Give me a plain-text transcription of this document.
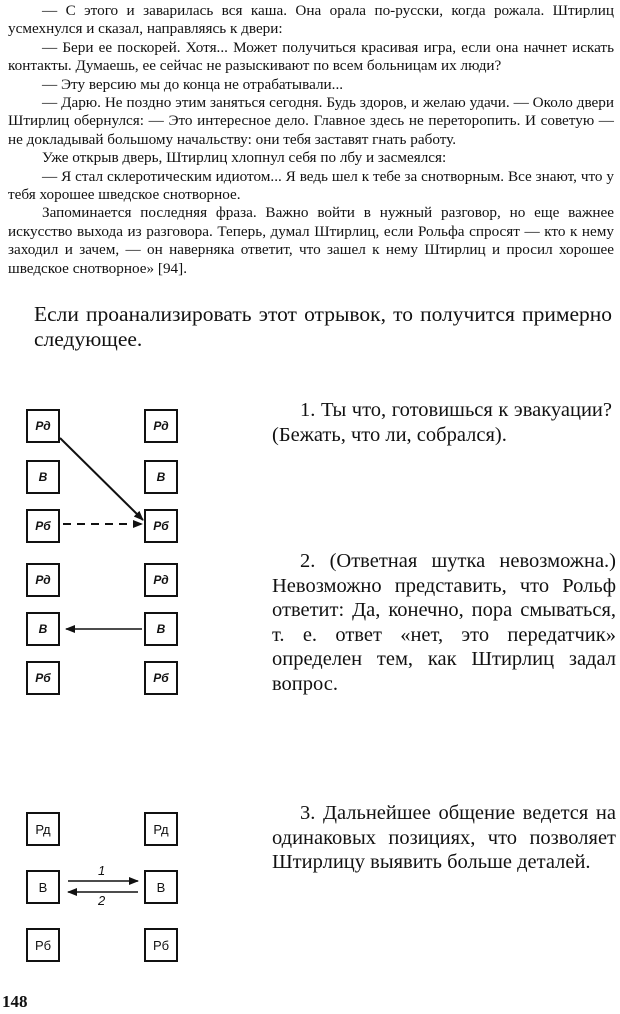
— С этого и заварилась вся каша. Она орала по-русски, когда рожала. Штирлиц усмехнулся и сказал, направляясь к двери:

— Бери ее поскорей. Хотя... Может получиться красивая игра, если она начнет искать контакты. Думаешь, ее сейчас не разыскивают по всем больницам их люди?

— Эту версию мы до конца не отрабатывали...

— Дарю. Не поздно этим заняться сегодня. Будь здоров, и желаю удачи. — Около двери Штирлиц обернулся: — Это интересное дело. Главное здесь не переторопить. И советую — не докладывай большому начальству: они тебя заставят гнать работу.

Уже открыв дверь, Штирлиц хлопнул себя по лбу и засмеялся:

— Я стал склеротическим идиотом... Я ведь шел к тебе за снотворным. Все знают, что у тебя хорошее шведское снотворное.

Запоминается последняя фраза. Важно войти в нужный разговор, но еще важнее искусство выхода из разговора. Теперь, думал Штирлиц, если Рольфа спросят — кто к нему заходил и зачем, — он наверняка ответит, что зашел к нему Штирлиц и просил хорошее шведское снотворное» [94].

Если проанализировать этот отрывок, то получится примерно следующее.

Рд
В
Рб
Рд
В
Рб
Рд
В
Рб
Рд
В
Рб
Рд
В
Рб
Рд
В
Рб
1
2

1. Ты что, готовишься к эвакуации? (Бежать, что ли, собрался).

2. (Ответная шутка невозможна.) Невозможно представить, что Рольф ответит: Да, конечно, пора смываться, т. е. ответ «нет, это передатчик» определен тем, как Штирлиц задал вопрос.

3. Дальнейшее общение ведется на одинаковых позициях, что позволяет Штирлицу выявить больше деталей.

148
